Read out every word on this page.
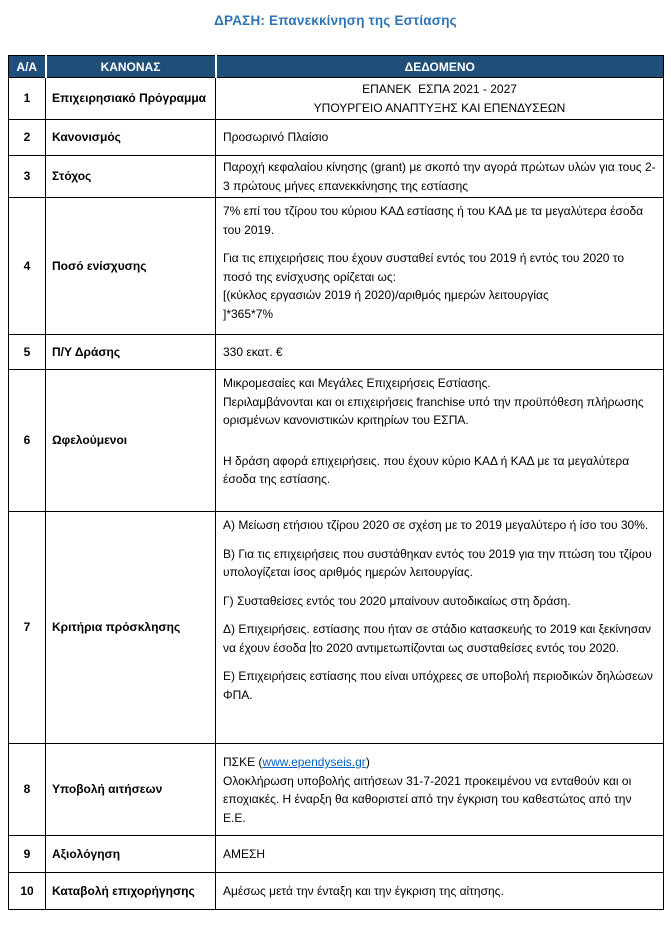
ΔΡΑΣΗ: Επανεκκίνηση της Εστίασης
Α/Α	ΚΑΝΟΝΑΣ	ΔΕΔΟΜΕΝΟ
1	Επιχειρησιακό Πρόγραμμα	ΕΠΑΝΕΚ  ΕΣΠΑ 2021 - 2027
ΥΠΟΥΡΓΕΙΟ ΑΝΑΠΤΥΞΗΣ ΚΑΙ ΕΠΕΝΔΥΣΕΩΝ

2	Κανονισμός	Προσωρινό Πλαίσιο
3	Στόχος	Παροχή κεφαλαίου κίνησης (grant) με σκοπό την αγορά πρώτων υλών για τους 2-3 πρώτους μήνες επανεκκίνησης της εστίασης
4	Ποσό ενίσχυσης	7% επί του τζίρου του κύριου ΚΑΔ εστίασης ή του ΚΑΔ με τα μεγαλύτερα έσοδα του 2019.
Για τις επιχειρήσεις που έχουν συσταθεί εντός του 2019 ή εντός του 2020 το ποσό της ενίσχυσης ορίζεται ως:
[(κύκλος εργασιών 2019 ή 2020)/αριθμός ημερών λειτουργίας
]*365*7%

5	Π/Υ Δράσης	330 εκατ. €
6	Ωφελούμενοι	Μικρομεσαίες και Μεγάλες Επιχειρήσεις Εστίασης.
Περιλαμβάνονται και οι επιχειρήσεις franchise υπό την προϋπόθεση πλήρωσης ορισμένων κανονιστικών κριτηρίων του ΕΣΠΑ.
Η δράση αφορά επιχειρήσεις. που έχουν κύριο ΚΑΔ ή ΚΑΔ με τα μεγαλύτερα έσοδα της εστίασης.

7	Κριτήρια πρόσκλησης	Α) Μείωση ετήσιου τζίρου 2020 σε σχέση με το 2019 μεγαλύτερο ή ίσο του 30%.
Β) Για τις επιχειρήσεις που συστάθηκαν εντός του 2019 για την πτώση του τζίρου υπολογίζεται ίσος αριθμός ημερών λειτουργίας.
Γ) Συσταθείσες εντός του 2020 μπαίνουν αυτοδικαίως στη δράση.
Δ) Επιχειρήσεις. εστίασης που ήταν σε στάδιο κατασκευής το 2019 και ξεκίνησαν να έχουν έσοδα το 2020 αντιμετωπίζονται ως συσταθείσες εντός του 2020.
Ε) Επιχειρήσεις εστίασης που είναι υπόχρεες σε υποβολή περιοδικών δηλώσεων ΦΠΑ.

8	Υποβολή αιτήσεων	ΠΣΚΕ (www.ependyseis.gr)
Ολοκλήρωση υποβολής αιτήσεων 31-7-2021 προκειμένου να ενταθούν και οι εποχιακές. Η έναρξη θα καθοριστεί από την έγκριση του καθεστώτος από την Ε.Ε.

9	Αξιολόγηση	ΑΜΕΣΗ
10	Καταβολή επιχορήγησης	Αμέσως μετά την ένταξη και την έγκριση της αίτησης.
